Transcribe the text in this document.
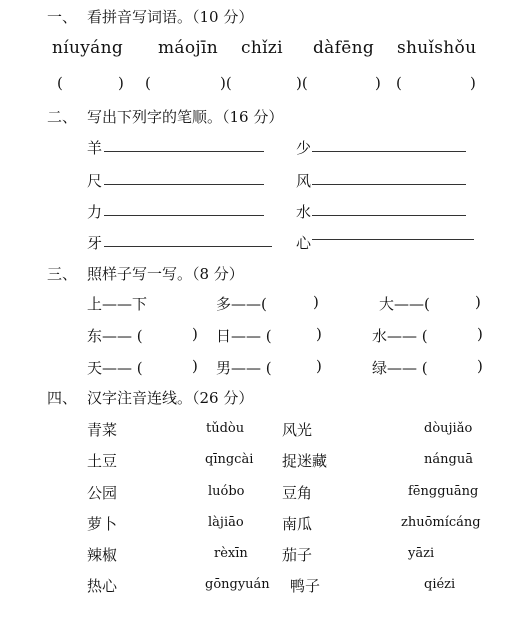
一、 看拼音写词语。（10 分）
níuyáng máojīn chǐzi dàfēng shuǐshǒu
(	) (	)(	)(	) (	)
二、 写出下列字的笔顺。（16 分）
羊	少
尺	风
力	水
牙	心
三、 照样子写一写。（8 分）
上——下	多——(	)	大——(	)
东—— (	) 日—— (	)	水—— (	)
天—— (	) 男—— (	)	绿—— (	)
四、 汉字注音连线。（26 分）
青菜	tǔdòu	风光	dòujiǎo
土豆	qīngcài 捉迷藏	nánguā
公园	luóbo 豆角	fēngguāng
萝卜	làjiāo	南瓜	zhuōmícáng
辣椒	rèxīn 茄子	yāzi
热心	gōngyuán 鸭子	qiézi
